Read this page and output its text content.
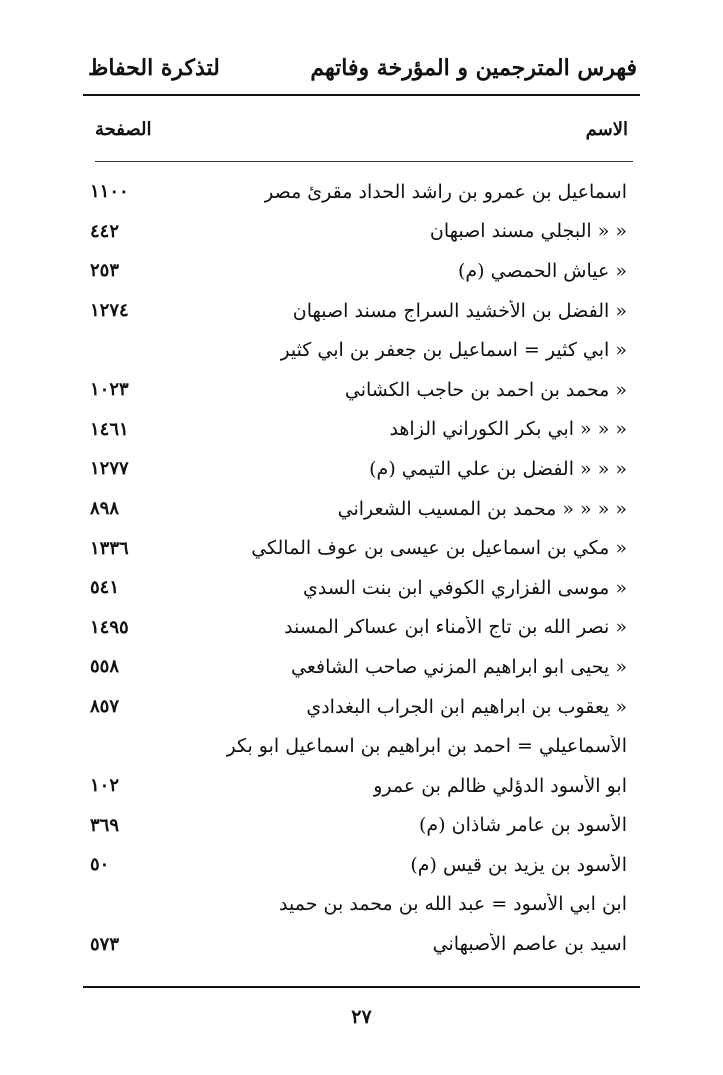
فهرس المترجمين و المؤرخة وفاتهم
لتذكرة الحفاظ
الاسم
الصفحة
اسماعيل بن عمرو بن راشد الحداد مقرئ مصر
١١٠٠
« « البجلي مسند اصبهان
٤٤٢
« عياش الحمصي (م)
٢٥٣
« الفضل بن الأخشيد السراج مسند اصبهان
١٢٧٤
« ابي كثير = اسماعيل بن جعفر بن ابي كثير
« محمد بن احمد بن حاجب الكشاني
١٠٢٣
« « « ابي بكر الكوراني الزاهد
١٤٦١
« « « الفضل بن علي التيمي (م)
١٢٧٧
« « « « محمد بن المسيب الشعراني
٨٩٨
« مكي بن اسماعيل بن عيسى بن عوف المالكي
١٣٣٦
« موسى الفزاري الكوفي ابن بنت السدي
٥٤١
« نصر الله بن تاج الأمناء ابن عساكر المسند
١٤٩٥
« يحيى ابو ابراهيم المزني صاحب الشافعي
٥٥٨
« يعقوب بن ابراهيم ابن الجراب البغدادي
٨٥٧
الأسماعيلي = احمد بن ابراهيم بن اسماعيل ابو بكر
ابو الأسود الدؤلي ظالم بن عمرو
١٠٢
الأسود بن عامر شاذان (م)
٣٦٩
الأسود بن يزيد بن قيس (م)
٥٠
ابن ابي الأسود = عبد الله بن محمد بن حميد
اسيد بن عاصم الأصبهاني
٥٧٣
٢٧
